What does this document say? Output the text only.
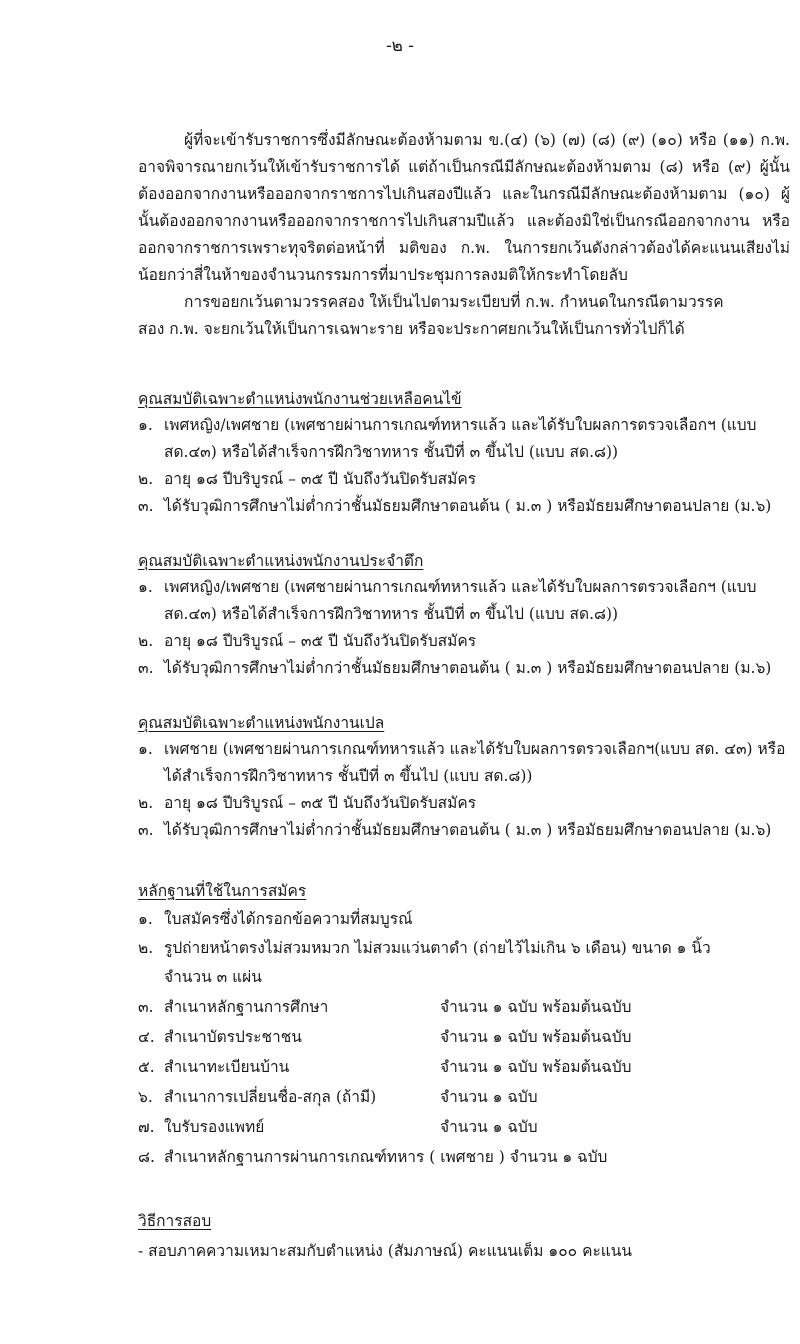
-๒ -
ผู้ที่จะเข้ารับราชการซึ่งมีลักษณะต้องห้ามตาม ข.(๔) (๖) (๗) (๘) (๙) (๑๐) หรือ (๑๑) ก.พ. อาจพิจารณายกเว้นให้เข้ารับราชการได้ แต่ถ้าเป็นกรณีมีลักษณะต้องห้ามตาม (๘) หรือ (๙) ผู้นั้นต้องออกจากงานหรือออกจากราชการไปเกินสองปีแล้ว และในกรณีมีลักษณะต้องห้ามตาม (๑๐) ผู้นั้นต้องออกจากงานหรือออกจากราชการไปเกินสามปีแล้ว และต้องมิใช่เป็นกรณีออกจากงาน หรือออกจากราชการเพราะทุจริตต่อหน้าที่ มติของ ก.พ. ในการยกเว้นดังกล่าวต้องได้คะแนนเสียงไม่น้อยกว่าสี่ในห้าของจำนวนกรรมการที่มาประชุมการลงมติให้กระทำโดยลับ
การขอยกเว้นตามวรรคสอง ให้เป็นไปตามระเบียบที่ ก.พ. กำหนดในกรณีตามวรรค
สอง ก.พ. จะยกเว้นให้เป็นการเฉพาะราย หรือจะประกาศยกเว้นให้เป็นการทั่วไปก็ได้
คุณสมบัติเฉพาะตำแหน่งพนักงานช่วยเหลือคนไข้
๑. เพศหญิง/เพศชาย (เพศชายผ่านการเกณฑ์ทหารแล้ว และได้รับใบผลการตรวจเลือกฯ (แบบ สด.๔๓) หรือได้สำเร็จการฝึกวิชาทหาร ชั้นปีที่ ๓ ขึ้นไป (แบบ สด.๘))
๒. อายุ ๑๘ ปีบริบูรณ์ – ๓๕ ปี นับถึงวันปิดรับสมัคร
๓. ได้รับวุฒิการศึกษาไม่ต่ำกว่าชั้นมัธยมศึกษาตอนต้น ( ม.๓ ) หรือมัธยมศึกษาตอนปลาย (ม.๖)
คุณสมบัติเฉพาะตำแหน่งพนักงานประจำตึก
๑. เพศหญิง/เพศชาย (เพศชายผ่านการเกณฑ์ทหารแล้ว และได้รับใบผลการตรวจเลือกฯ (แบบ สด.๔๓) หรือได้สำเร็จการฝึกวิชาทหาร ชั้นปีที่ ๓ ขึ้นไป (แบบ สด.๘))
๒. อายุ ๑๘ ปีบริบูรณ์ – ๓๕ ปี นับถึงวันปิดรับสมัคร
๓. ได้รับวุฒิการศึกษาไม่ต่ำกว่าชั้นมัธยมศึกษาตอนต้น ( ม.๓ ) หรือมัธยมศึกษาตอนปลาย (ม.๖)
คุณสมบัติเฉพาะตำแหน่งพนักงานเปล
๑. เพศชาย (เพศชายผ่านการเกณฑ์ทหารแล้ว และได้รับใบผลการตรวจเลือกฯ(แบบ สด. ๔๓) หรือได้สำเร็จการฝึกวิชาทหาร ชั้นปีที่ ๓ ขึ้นไป (แบบ สด.๘))
๒. อายุ ๑๘ ปีบริบูรณ์ – ๓๕ ปี นับถึงวันปิดรับสมัคร
๓. ได้รับวุฒิการศึกษาไม่ต่ำกว่าชั้นมัธยมศึกษาตอนต้น ( ม.๓ ) หรือมัธยมศึกษาตอนปลาย (ม.๖)
หลักฐานที่ใช้ในการสมัคร
๑. ใบสมัครซึ่งได้กรอกข้อความที่สมบูรณ์
๒. รูปถ่ายหน้าตรงไม่สวมหมวก ไม่สวมแว่นตาดำ (ถ่ายไว้ไม่เกิน ๖ เดือน) ขนาด ๑ นิ้ว จำนวน ๓ แผ่น
๓. สำเนาหลักฐานการศึกษา	จำนวน ๑ ฉบับ พร้อมต้นฉบับ
๔. สำเนาบัตรประชาชน	จำนวน ๑ ฉบับ พร้อมต้นฉบับ
๕. สำเนาทะเบียนบ้าน	จำนวน ๑ ฉบับ พร้อมต้นฉบับ
๖. สำเนาการเปลี่ยนชื่อ-สกุล (ถ้ามี)	จำนวน ๑ ฉบับ
๗. ใบรับรองแพทย์	จำนวน ๑ ฉบับ
๘. สำเนาหลักฐานการผ่านการเกณฑ์ทหาร ( เพศชาย ) จำนวน ๑ ฉบับ
วิธีการสอบ
- สอบภาคความเหมาะสมกับตำแหน่ง (สัมภาษณ์) คะแนนเต็ม ๑๐๐ คะแนน
